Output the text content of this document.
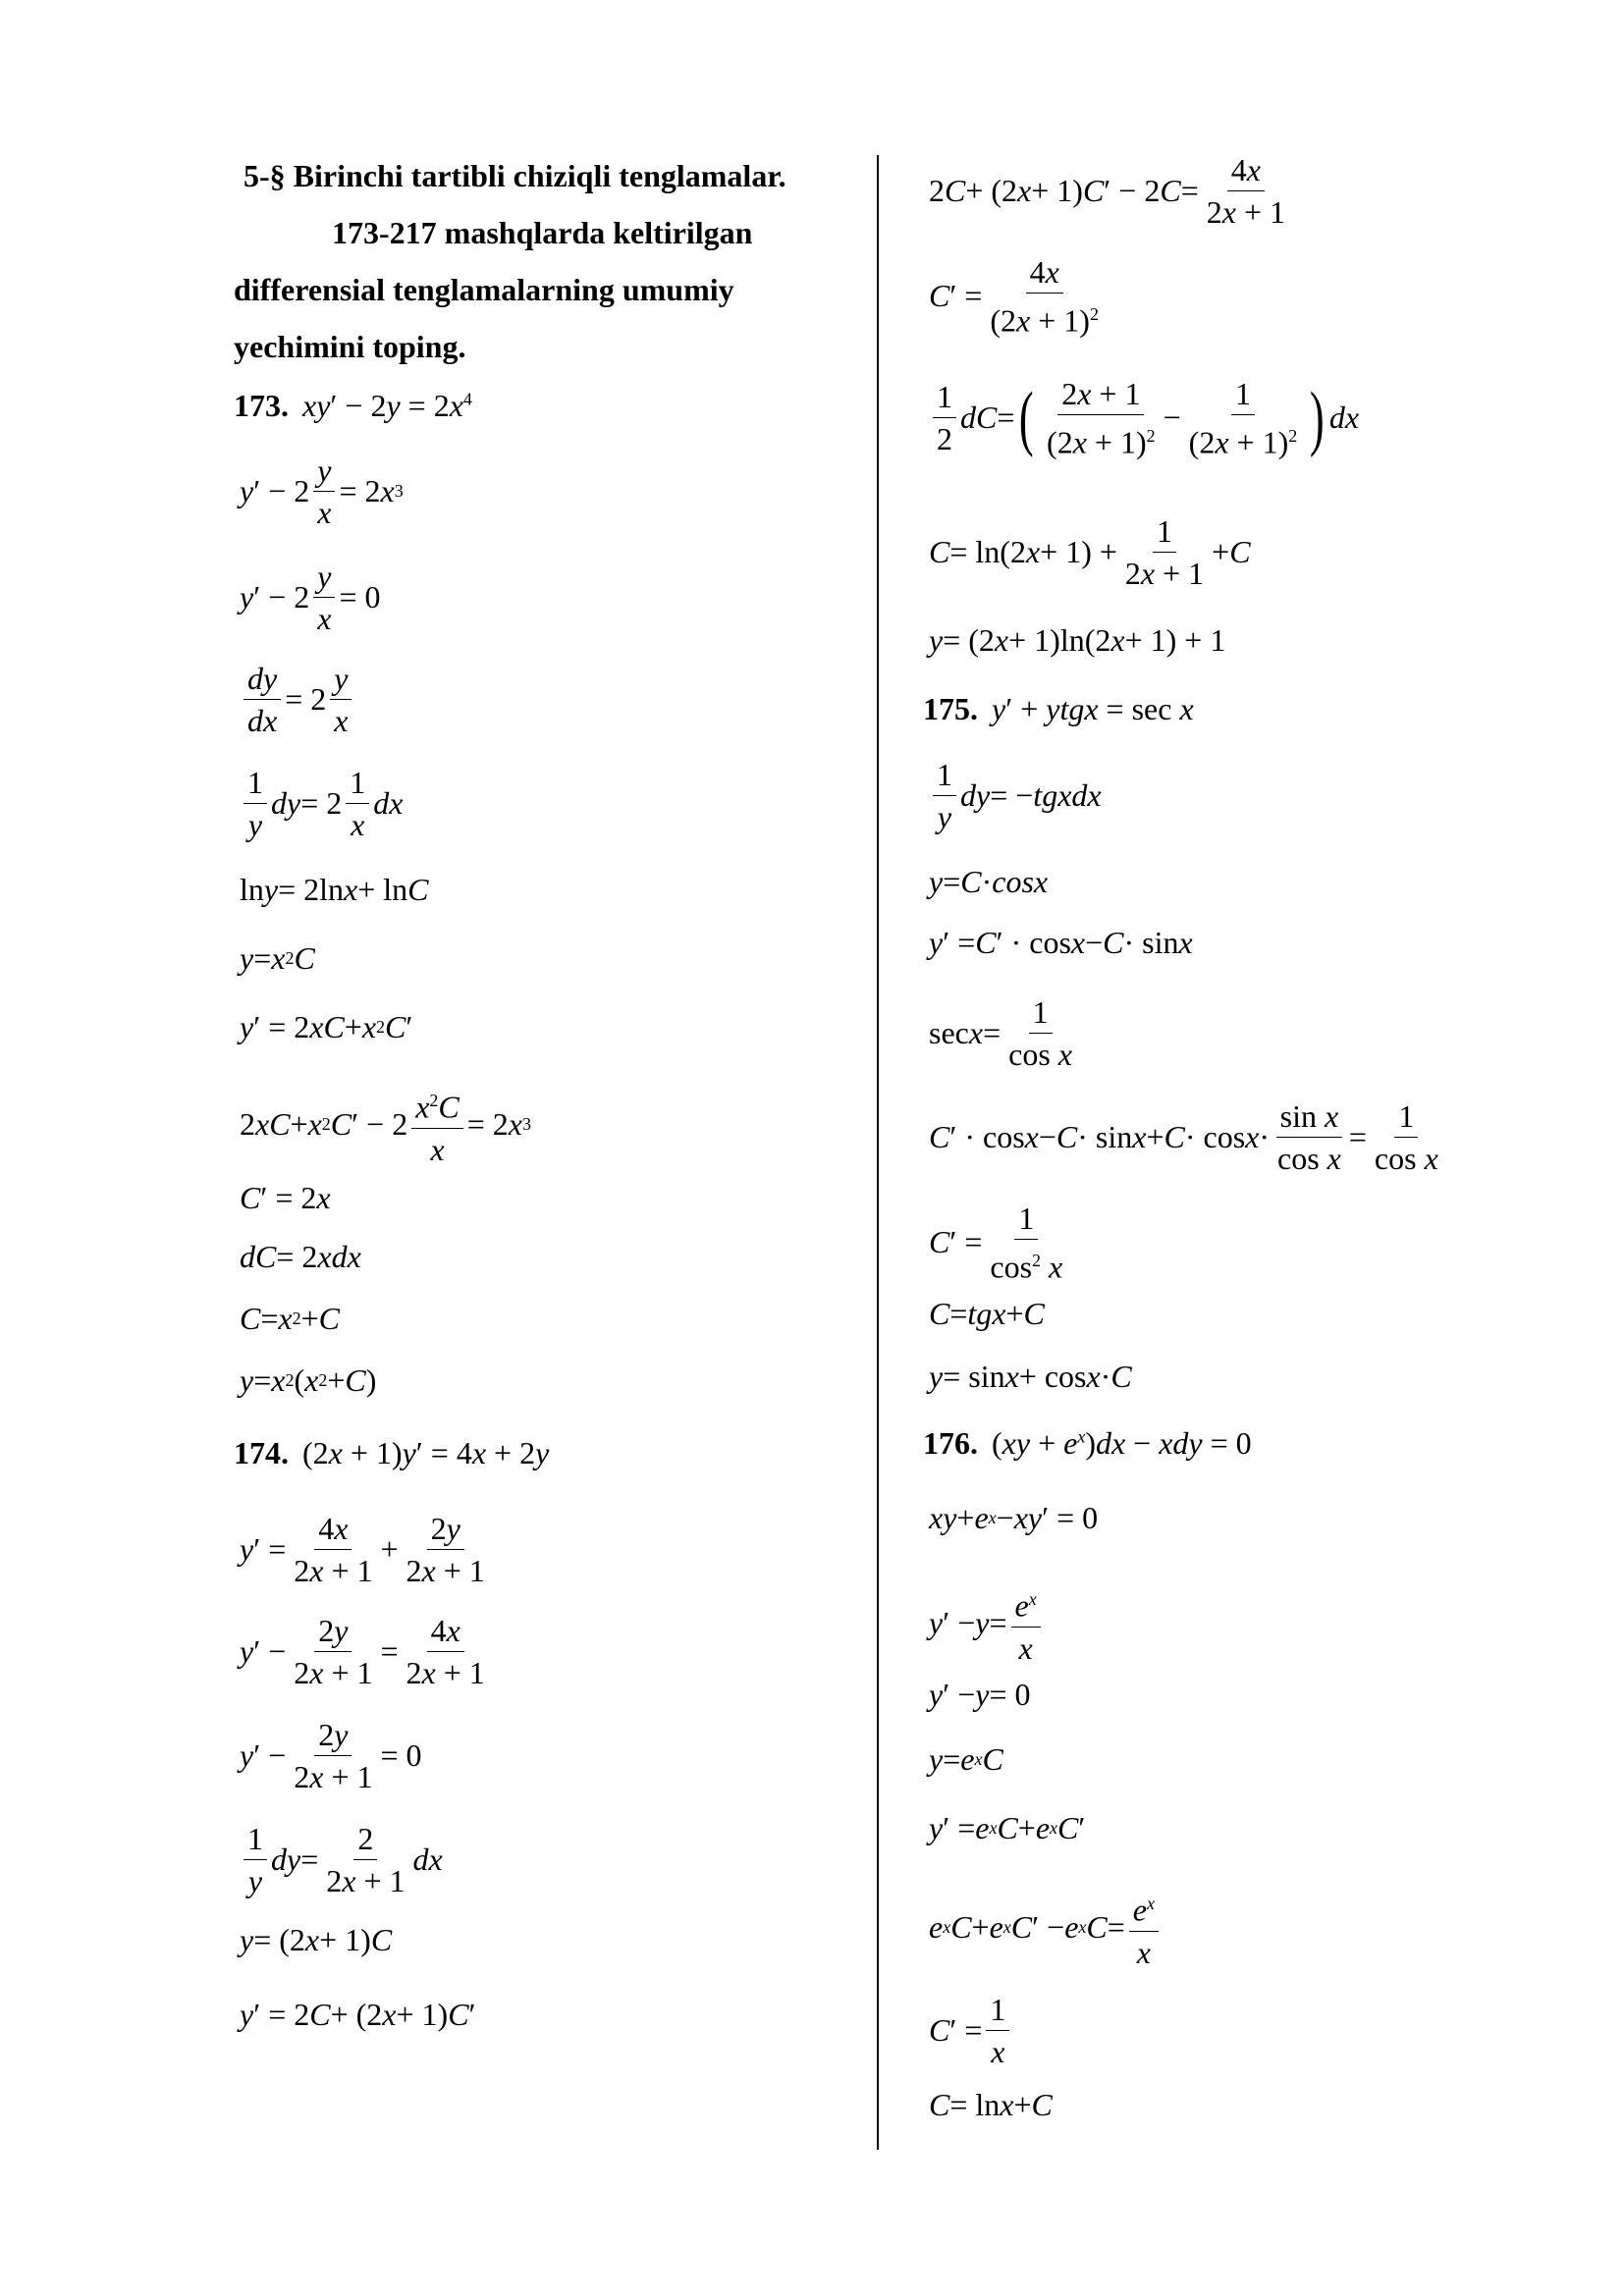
5-§ Birinchi tartibli chiziqli tenglamalar.
173-217 mashqlarda keltirilgan
differensial tenglamalarning umumiy
yechimini toping.
173. $xy' - 2y = 2x^4$
y ′ − $2 \frac{y}{x} = 2$ x 3
y ′ − $2 \frac{y}{x} = 0$
$\frac{dy}{dx} = 2 \frac{y}{x}$
$\frac{1}{y}$ dy = $2 \frac{1}{x}$ dx
ln y = 2ln x + ln C
y = x 2 C
y ′ = 2 xC + x 2 C ′
2 xC + x 2 C ′ − $2 \frac{x^2C}{x} = 2$ x 3
C ′ = 2 x
dC = 2 xdx
C = x 2 + C
y = x 2 ( x 2 + C )
174. (2x + 1)y′ = 4x + 2y
y ′ = $\frac{4x}{2x + 1} + \frac{2y}{2x + 1}$
y ′ − $\frac{2y}{2x + 1} = \frac{4x}{2x + 1}$
y ′ − $\frac{2y}{2x + 1} = 0$
$\frac{1}{y}$ dy = $\frac{2}{2x + 1}$ dx
y = (2 x + 1) C
y ′ = 2 C + (2 x + 1) C ′
2 C + (2 x + 1) C ′ − 2 $C = \frac{4x}{2x + 1}$
C ′ = $\frac{4x}{(2x + 1)^2}$
$\frac{1}{2}$ dC = ( $\frac{2x + 1}{(2x + 1)^2} - \frac{1}{(2x + 1)^2}$ ) dx
C = ln(2 $x + 1) + \frac{1}{2x + 1} + C$
y = (2 x + 1)ln(2 x + 1) + 1
175. y′ + ytgx = sec x
$\frac{1}{y}$ dy = − tgxdx
y = C · cosx
y ′ = C ′ · cos x − C · sin x
$\sec x = \frac{1}{\text{cos x}}$
C ′ · $\cos x - C \cdot \sin x + C \cdot \cos x \cdot \frac{\text{sin x}}{\text{cos x}} = \frac{1}{\text{cos x}}$
C ′ = $\frac{1}{\cos^2 x}$
C = tgx + C
y = sin x + cos x · C
176. $(xy + e^x)dx$ − xdy = 0
xy + e x − xy ′ = 0
y ′ − $y = \frac{e^x}{x}$
y ′ − y = 0
y = e x C
y ′ = e x C + e x C ′
e x C + e x C ′ − e x $C = \frac{e^x}{x}$
C ′ = $\frac{1}{x}$
C = ln x + C
